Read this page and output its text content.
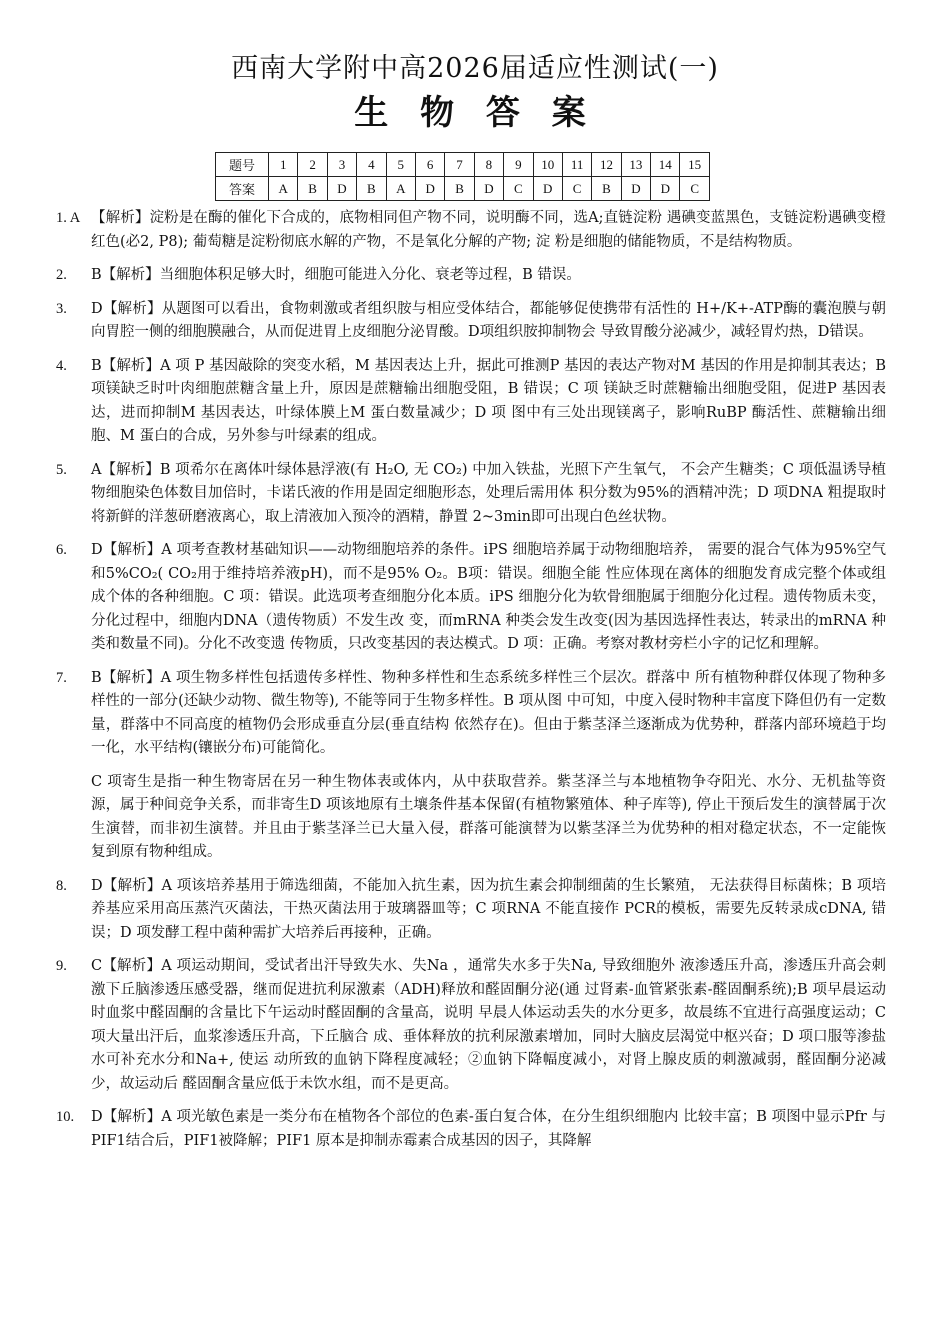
西南大学附中高2026届适应性测试(一)
生 物 答 案
题号	1	2	3	4	5	6	7	8	9	10	11	12	13	14	15
答案	A	B	D	B	A	D	B	D	C	D	C	B	D	D	C
1. A 【解析】淀粉是在酶的催化下合成的，底物相同但产物不同，说明酶不同，选A;直链淀粉 遇碘变蓝黑色，支链淀粉遇碘变橙红色(必2, P8); 葡萄糖是淀粉彻底水解的产物，不是氧化分解的产物; 淀 粉是细胞的储能物质，不是结构物质。

2.	B【解析】当细胞体积足够大时，细胞可能进入分化、衰老等过程，B 错误。

3.	D【解析】从题图可以看出，食物刺激或者组织胺与相应受体结合，都能够促使携带有活性的 H+/K+-ATP酶的囊泡膜与朝向胃腔一侧的细胞膜融合，从而促进胃上皮细胞分泌胃酸。D项组织胺抑制物会 导致胃酸分泌减少，减轻胃灼热，D错误。

4.	B【解析】A 项 P 基因敲除的突变水稻，M 基因表达上升，据此可推测P 基因的表达产物对M 基因的作用是抑制其表达；B 项镁缺乏时叶肉细胞蔗糖含量上升，原因是蔗糖输出细胞受阻，B 错误；C 项 镁缺乏时蔗糖输出细胞受阻，促进P 基因表达，进而抑制M 基因表达，叶绿体膜上M 蛋白数量减少；D 项 图中有三处出现镁离子，影响RuBP 酶活性、蔗糖输出细胞、M 蛋白的合成，另外参与叶绿素的组成。

5.	A【解析】B 项希尔在离体叶绿体悬浮液(有 H₂O, 无 CO₂) 中加入铁盐，光照下产生氧气， 不会产生糖类；C 项低温诱导植物细胞染色体数目加倍时，卡诺氏液的作用是固定细胞形态，处理后需用体 积分数为95%的酒精冲洗；D 项DNA 粗提取时将新鲜的洋葱研磨液离心，取上清液加入预冷的酒精，静置 2~3min即可出现白色丝状物。

6.	D【解析】A 项考查教材基础知识——动物细胞培养的条件。iPS 细胞培养属于动物细胞培养， 需要的混合气体为95%空气和5%CO₂( CO₂用于维持培养液pH)，而不是95% O₂。B项：错误。细胞全能 性应体现在离体的细胞发育成完整个体或组成个体的各种细胞。C 项：错误。此选项考查细胞分化本质。iPS 细胞分化为软骨细胞属于细胞分化过程。遗传物质未变，分化过程中，细胞内DNA（遗传物质）不发生改 变，而mRNA 种类会发生改变(因为基因选择性表达，转录出的mRNA 种类和数量不同)。分化不改变遗 传物质，只改变基因的表达模式。D 项：正确。考察对教材旁栏小字的记忆和理解。

7.	B【解析】A 项生物多样性包括遗传多样性、物种多样性和生态系统多样性三个层次。群落中 所有植物种群仅体现了物种多样性的一部分(还缺少动物、微生物等), 不能等同于生物多样性。B 项从图 中可知，中度入侵时物种丰富度下降但仍有一定数量，群落中不同高度的植物仍会形成垂直分层(垂直结构 依然存在)。但由于紫茎泽兰逐渐成为优势种，群落内部环境趋于均一化，水平结构(镶嵌分布)可能简化。

C 项寄生是指一种生物寄居在另一种生物体表或体内，从中获取营养。紫茎泽兰与本地植物争夺阳光、水分、无机盐等资源，属于种间竞争关系，而非寄生D 项该地原有土壤条件基本保留(有植物繁殖体、种子库等), 停止干预后发生的演替属于次生演替，而非初生演替。并且由于紫茎泽兰已大量入侵，群落可能演替为以紫茎泽兰为优势种的相对稳定状态，不一定能恢复到原有物种组成。

8.	D【解析】A 项该培养基用于筛选细菌，不能加入抗生素，因为抗生素会抑制细菌的生长繁殖， 无法获得目标菌株；B 项培养基应采用高压蒸汽灭菌法，干热灭菌法用于玻璃器皿等；C 项RNA 不能直接作 PCR的模板，需要先反转录成cDNA, 错误；D 项发酵工程中菌种需扩大培养后再接种，正确。

9.	C【解析】A 项运动期间，受试者出汗导致失水、失Na ，通常失水多于失Na, 导致细胞外 液渗透压升高，渗透压升高会刺激下丘脑渗透压感受器，继而促进抗利尿激素（ADH)释放和醛固酮分泌(通 过肾素-血管紧张素-醛固酮系统);B 项早晨运动时血浆中醛固酮的含量比下午运动时醛固酮的含量高，说明 早晨人体运动丢失的水分更多，故晨练不宜进行高强度运动；C 项大量出汗后，血浆渗透压升高，下丘脑合 成、垂体释放的抗利尿激素增加，同时大脑皮层渴觉中枢兴奋；D 项口服等渗盐水可补充水分和Na+, 使运 动所致的血钠下降程度减轻；②血钠下降幅度减小，对肾上腺皮质的刺激减弱，醛固酮分泌减少，故运动后 醛固酮含量应低于未饮水组，而不是更高。

10.	D【解析】A 项光敏色素是一类分布在植物各个部位的色素-蛋白复合体，在分生组织细胞内 比较丰富；B 项图中显示Pfr 与PIF1结合后，PIF1被降解；PIF1 原本是抑制赤霉素合成基因的因子，其降解
